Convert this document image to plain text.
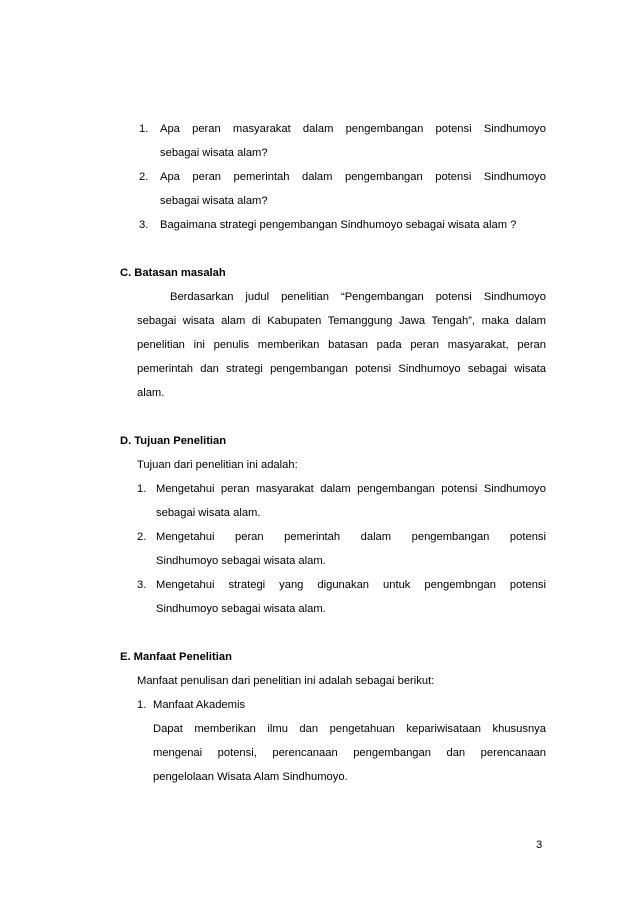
1. Apa peran masyarakat dalam pengembangan potensi Sindhumoyo
sebagai wisata alam?
2. Apa peran pemerintah dalam pengembangan potensi Sindhumoyo
sebagai wisata alam?
3. Bagaimana strategi pengembangan Sindhumoyo sebagai wisata alam ?
C. Batasan masalah
Berdasarkan judul penelitian “Pengembangan potensi Sindhumoyo
sebagai wisata alam di Kabupaten Temanggung Jawa Tengah”, maka dalam
penelitian ini penulis memberikan batasan pada peran masyarakat, peran
pemerintah dan strategi pengembangan potensi Sindhumoyo sebagai wisata
alam.
D. Tujuan Penelitian
Tujuan dari penelitian ini adalah:
1. Mengetahui peran masyarakat dalam pengembangan potensi Sindhumoyo
sebagai wisata alam.
2. Mengetahui peran pemerintah dalam pengembangan potensi
Sindhumoyo sebagai wisata alam.
3. Mengetahui strategi yang digunakan untuk pengembngan potensi
Sindhumoyo sebagai wisata alam.
E. Manfaat Penelitian
Manfaat penulisan dari penelitian ini adalah sebagai berikut:
1. Manfaat Akademis
Dapat memberikan ilmu dan pengetahuan kepariwisataan khususnya
mengenai potensi, perencanaan pengembangan dan perencanaan
pengelolaan Wisata Alam Sindhumoyo.
3
